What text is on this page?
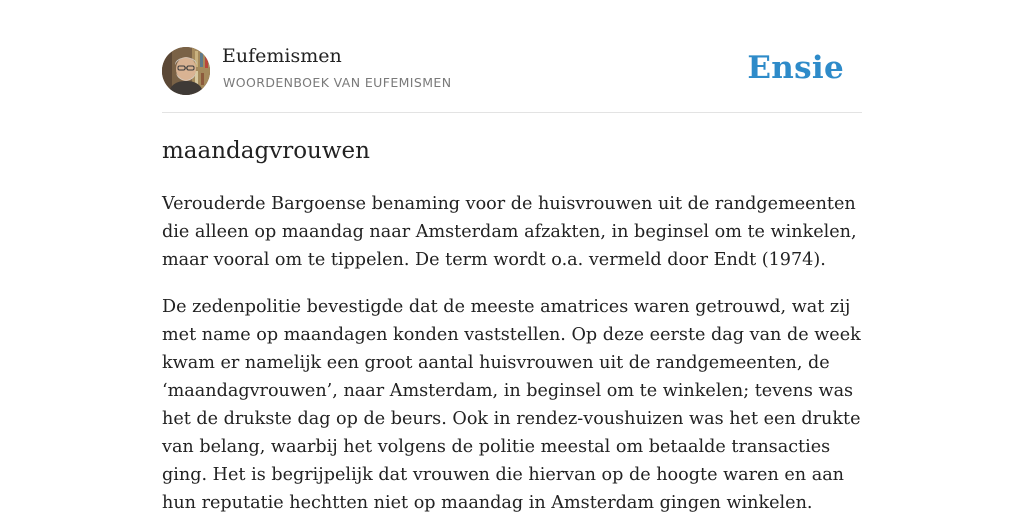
Eufemismen
WOORDENBOEK VAN EUFEMISMEN	Ensie
maandagvrouwen

Verouderde Bargoense benaming voor de huisvrouwen uit de randgemeenten die alleen op maandag naar Amsterdam afzakten, in beginsel om te winkelen, maar vooral om te tippelen. De term wordt o.a. vermeld door Endt (1974).

De zedenpolitie bevestigde dat de meeste amatrices waren getrouwd, wat zij met name op maandagen konden vaststellen. Op deze eerste dag van de week kwam er namelijk een groot aantal huisvrouwen uit de randgemeenten, de ‘maandagvrouwen’, naar Amsterdam, in beginsel om te winkelen; tevens was het de drukste dag op de beurs. Ook in rendez-voushuizen was het een drukte van belang, waarbij het volgens de politie meestal om betaalde transacties ging. Het is begrijpelijk dat vrouwen die hiervan op de hoogte waren en aan hun reputatie hechtten niet op maandag in Amsterdam gingen winkelen.
